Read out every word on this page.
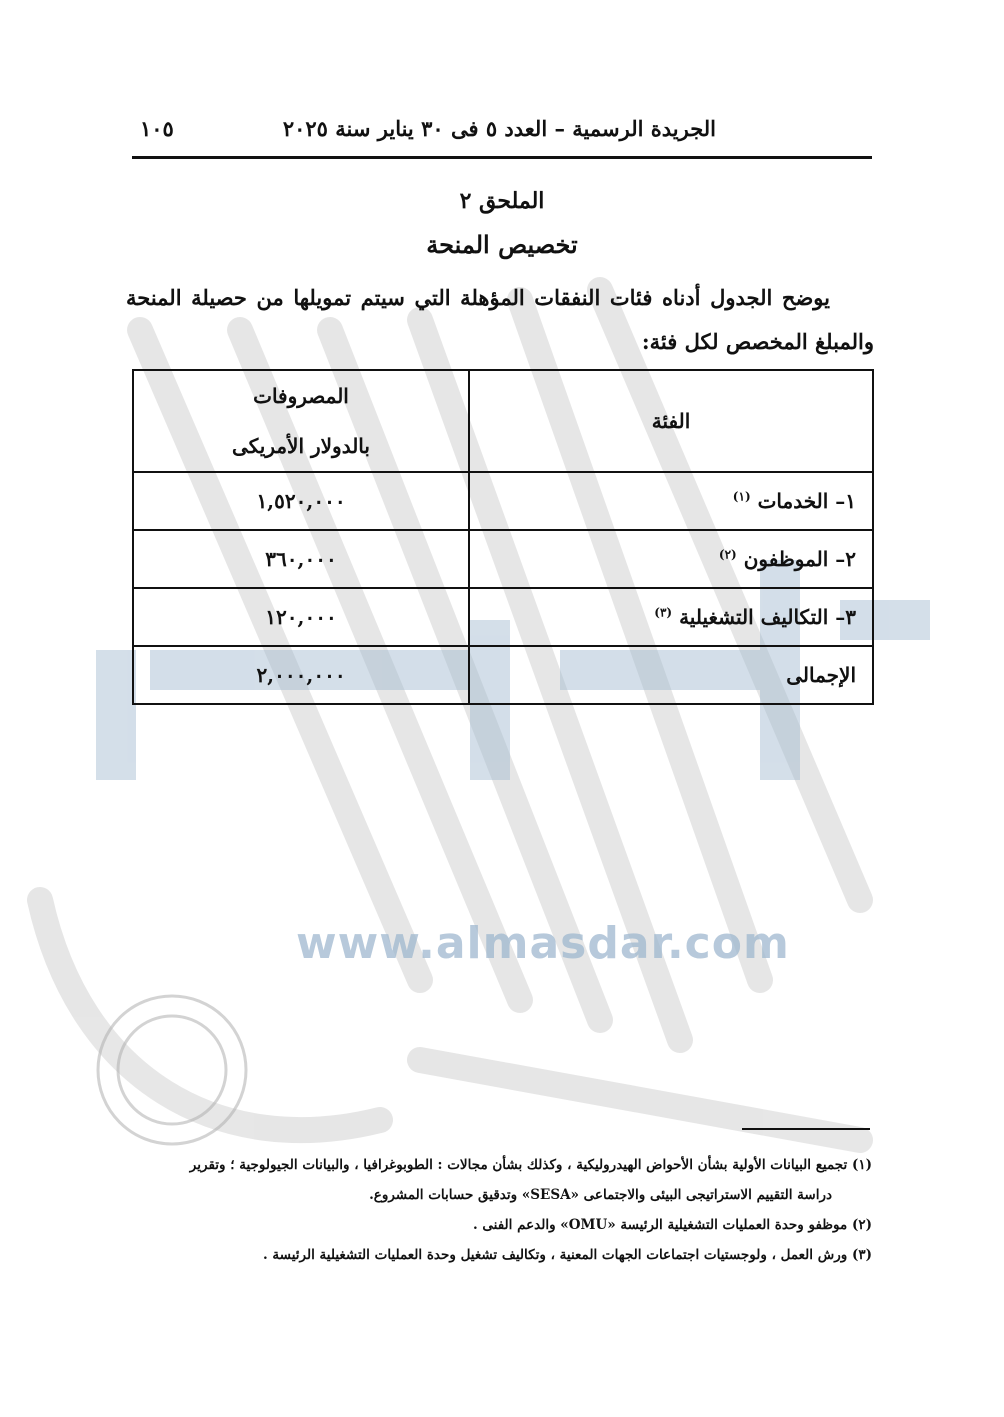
www.almasdar.com
الجريدة الرسمية – العدد ٥ فى ٣٠ يناير سنة ٢٠٢٥
١٠٥
الملحق ٢
تخصيص المنحة
يوضح الجدول أدناه فئات النفقات المؤهلة التي سيتم تمويلها من حصيلة المنحة والمبلغ المخصص لكل فئة:
الفئة	المصروفات
بالدولار الأمريكى

١– الخدمات $^{(١)}$	١,٥٢٠,٠٠٠
٢– الموظفون $^{(٢)}$	٣٦٠,٠٠٠
٣– التكاليف التشغيلية $^{(٣)}$	١٢٠,٠٠٠
الإجمالى	٢,٠٠٠,٠٠٠

(١) تجميع البيانات الأولية بشأن الأحواض الهيدروليكية ، وكذلك بشأن مجالات : الطوبوغرافيا ، والبيانات الجيولوجية ؛ وتقرير

دراسة التقييم الاستراتيجى البيئى والاجتماعى «SESA» وتدقيق حسابات المشروع.

(٢) موظفو وحدة العمليات التشغيلية الرئيسة «OMU» والدعم الفنى .

(٣) ورش العمل ، ولوجستيات اجتماعات الجهات المعنية ، وتكاليف تشغيل وحدة العمليات التشغيلية الرئيسة .
